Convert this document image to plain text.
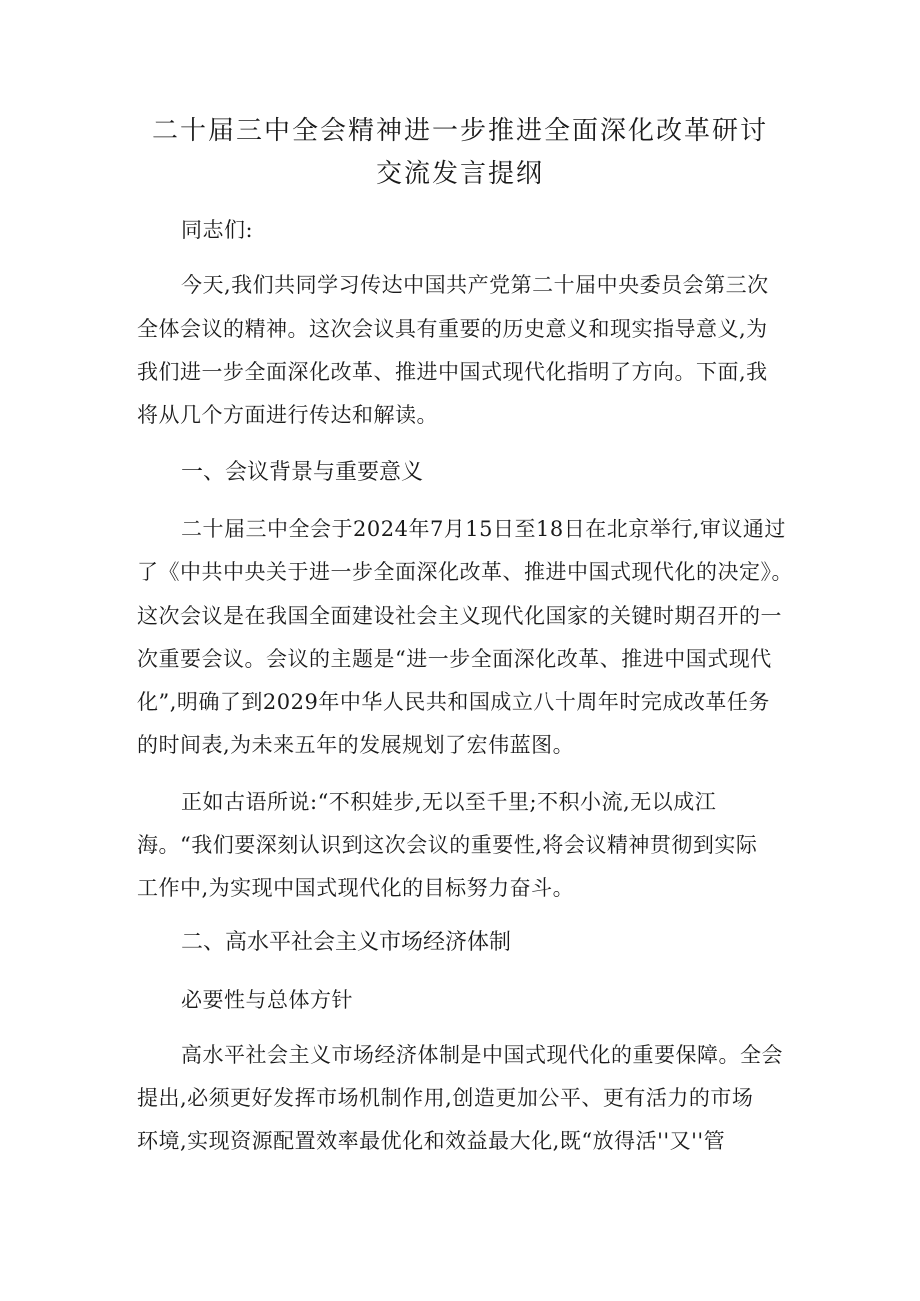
二十届三中全会精神进一步推进全面深化改革研讨
交流发言提纲
同志们:
今天,我们共同学习传达中国共产党第二十届中央委员会第三次
全体会议的精神。这次会议具有重要的历史意义和现实指导意义,为
我们进一步全面深化改革、推进中国式现代化指明了方向。下面,我
将从几个方面进行传达和解读。
一、会议背景与重要意义
二十届三中全会于2024年7月15日至18日在北京举行,审议通过
了《中共中央关于进一步全面深化改革、推进中国式现代化的决定》。
这次会议是在我国全面建设社会主义现代化国家的关键时期召开的一
次重要会议。会议的主题是“进一步全面深化改革、推进中国式现代
化”,明确了到2029年中华人民共和国成立八十周年时完成改革任务
的时间表,为未来五年的发展规划了宏伟蓝图。
正如古语所说:“不积娃步,无以至千里;不积小流,无以成江
海。“我们要深刻认识到这次会议的重要性,将会议精神贯彻到实际
工作中,为实现中国式现代化的目标努力奋斗。
二、高水平社会主义市场经济体制
必要性与总体方针
高水平社会主义市场经济体制是中国式现代化的重要保障。全会
提出,必须更好发挥市场机制作用,创造更加公平、更有活力的市场
环境,实现资源配置效率最优化和效益最大化,既“放得活''又''管
